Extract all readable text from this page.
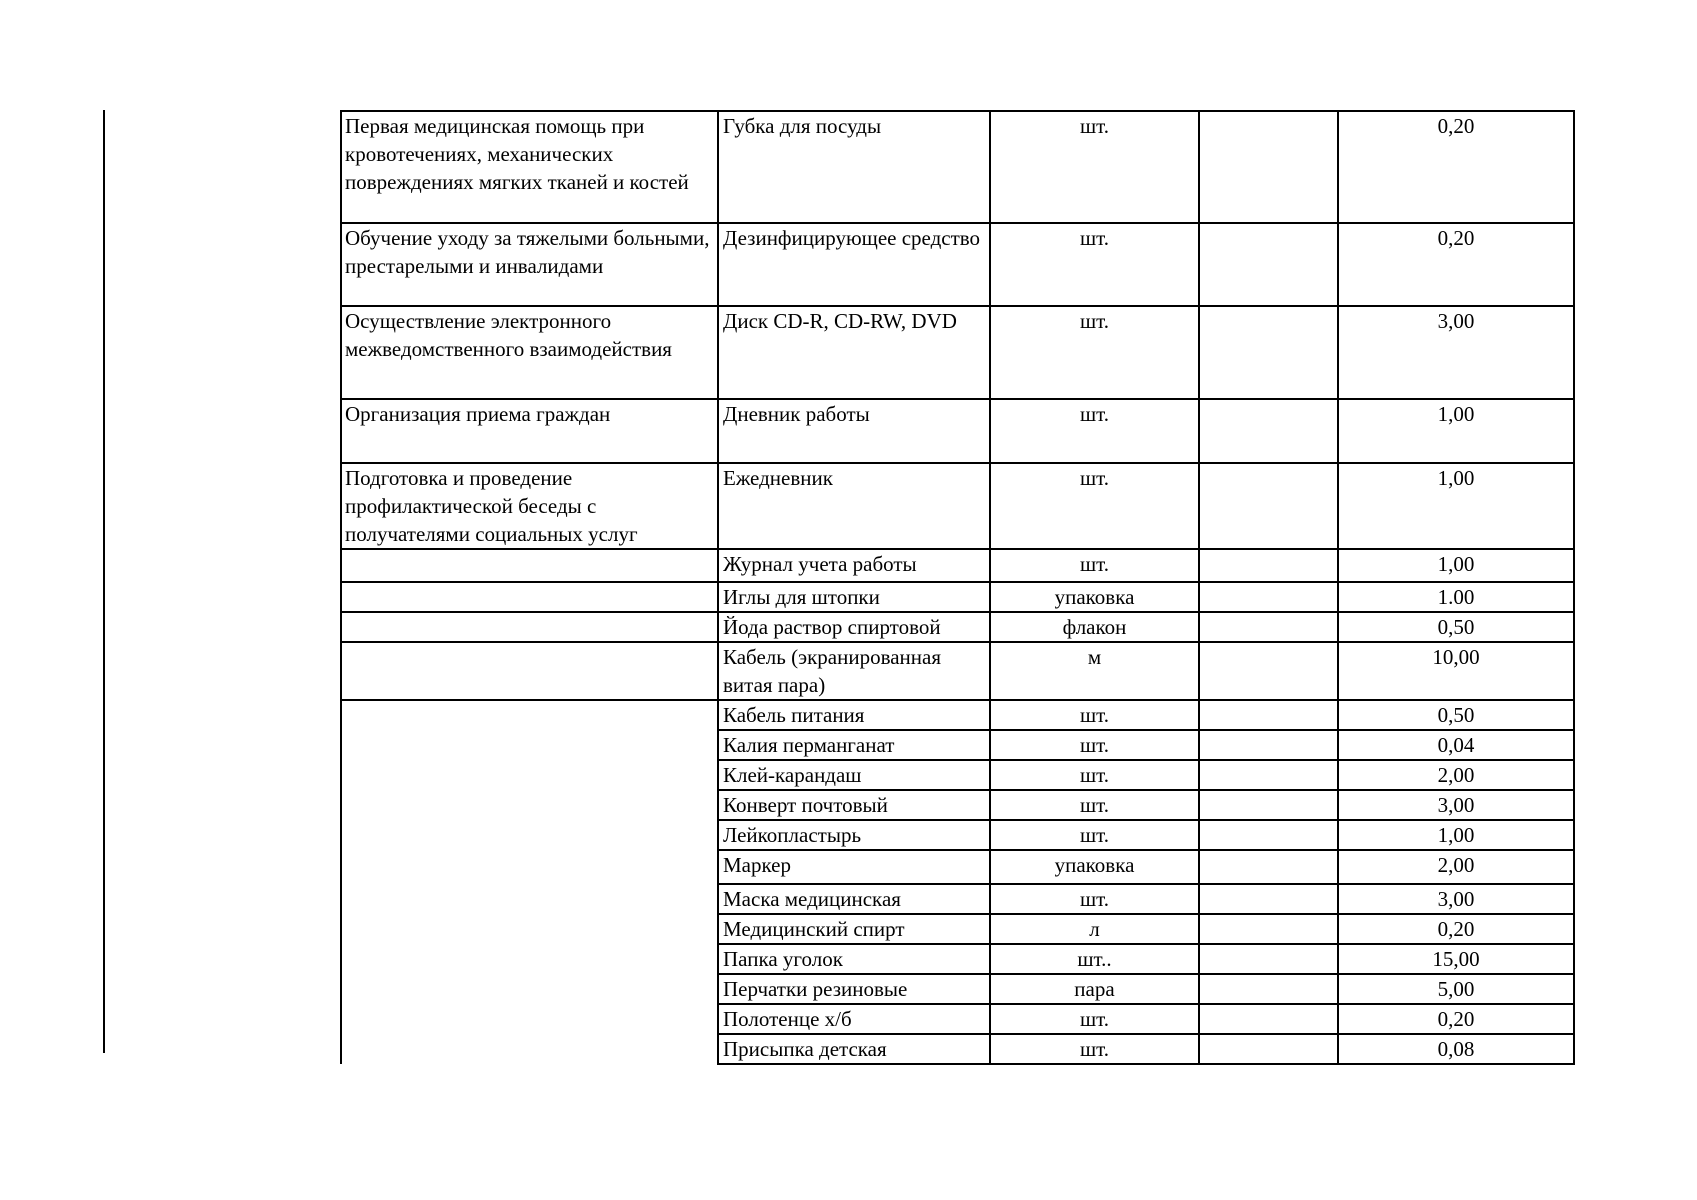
Первая медицинская помощь при кровотечениях, механических повреждениях мягких тканей и костей	Губка для посуды	шт.		0,20
Обучение уходу за тяжелыми больными, престарелыми и инвалидами	Дезинфицирующее средство	шт.		0,20
Осуществление электронного межведомственного взаимодействия	Диск CD-R, CD-RW, DVD	шт.		3,00
Организация приема граждан	Дневник работы	шт.		1,00
Подготовка и проведение профилактической беседы с получателями социальных услуг	Ежедневник	шт.		1,00
	Журнал учета работы	шт.		1,00
	Иглы для штопки	упаковка		1.00
	Йода раствор спиртовой	флакон		0,50
	Кабель (экранированная витая пара)	м		10,00
	Кабель питания	шт.		0,50
	Калия перманганат	шт.		0,04
	Клей-карандаш	шт.		2,00
	Конверт почтовый	шт.		3,00
	Лейкопластырь	шт.		1,00
	Маркер	упаковка		2,00
	Маска медицинская	шт.		3,00
	Медицинский спирт	л		0,20
	Папка уголок	шт..		15,00
	Перчатки резиновые	пара		5,00
	Полотенце х/б	шт.		0,20
	Присыпка детская	шт.		0,08
